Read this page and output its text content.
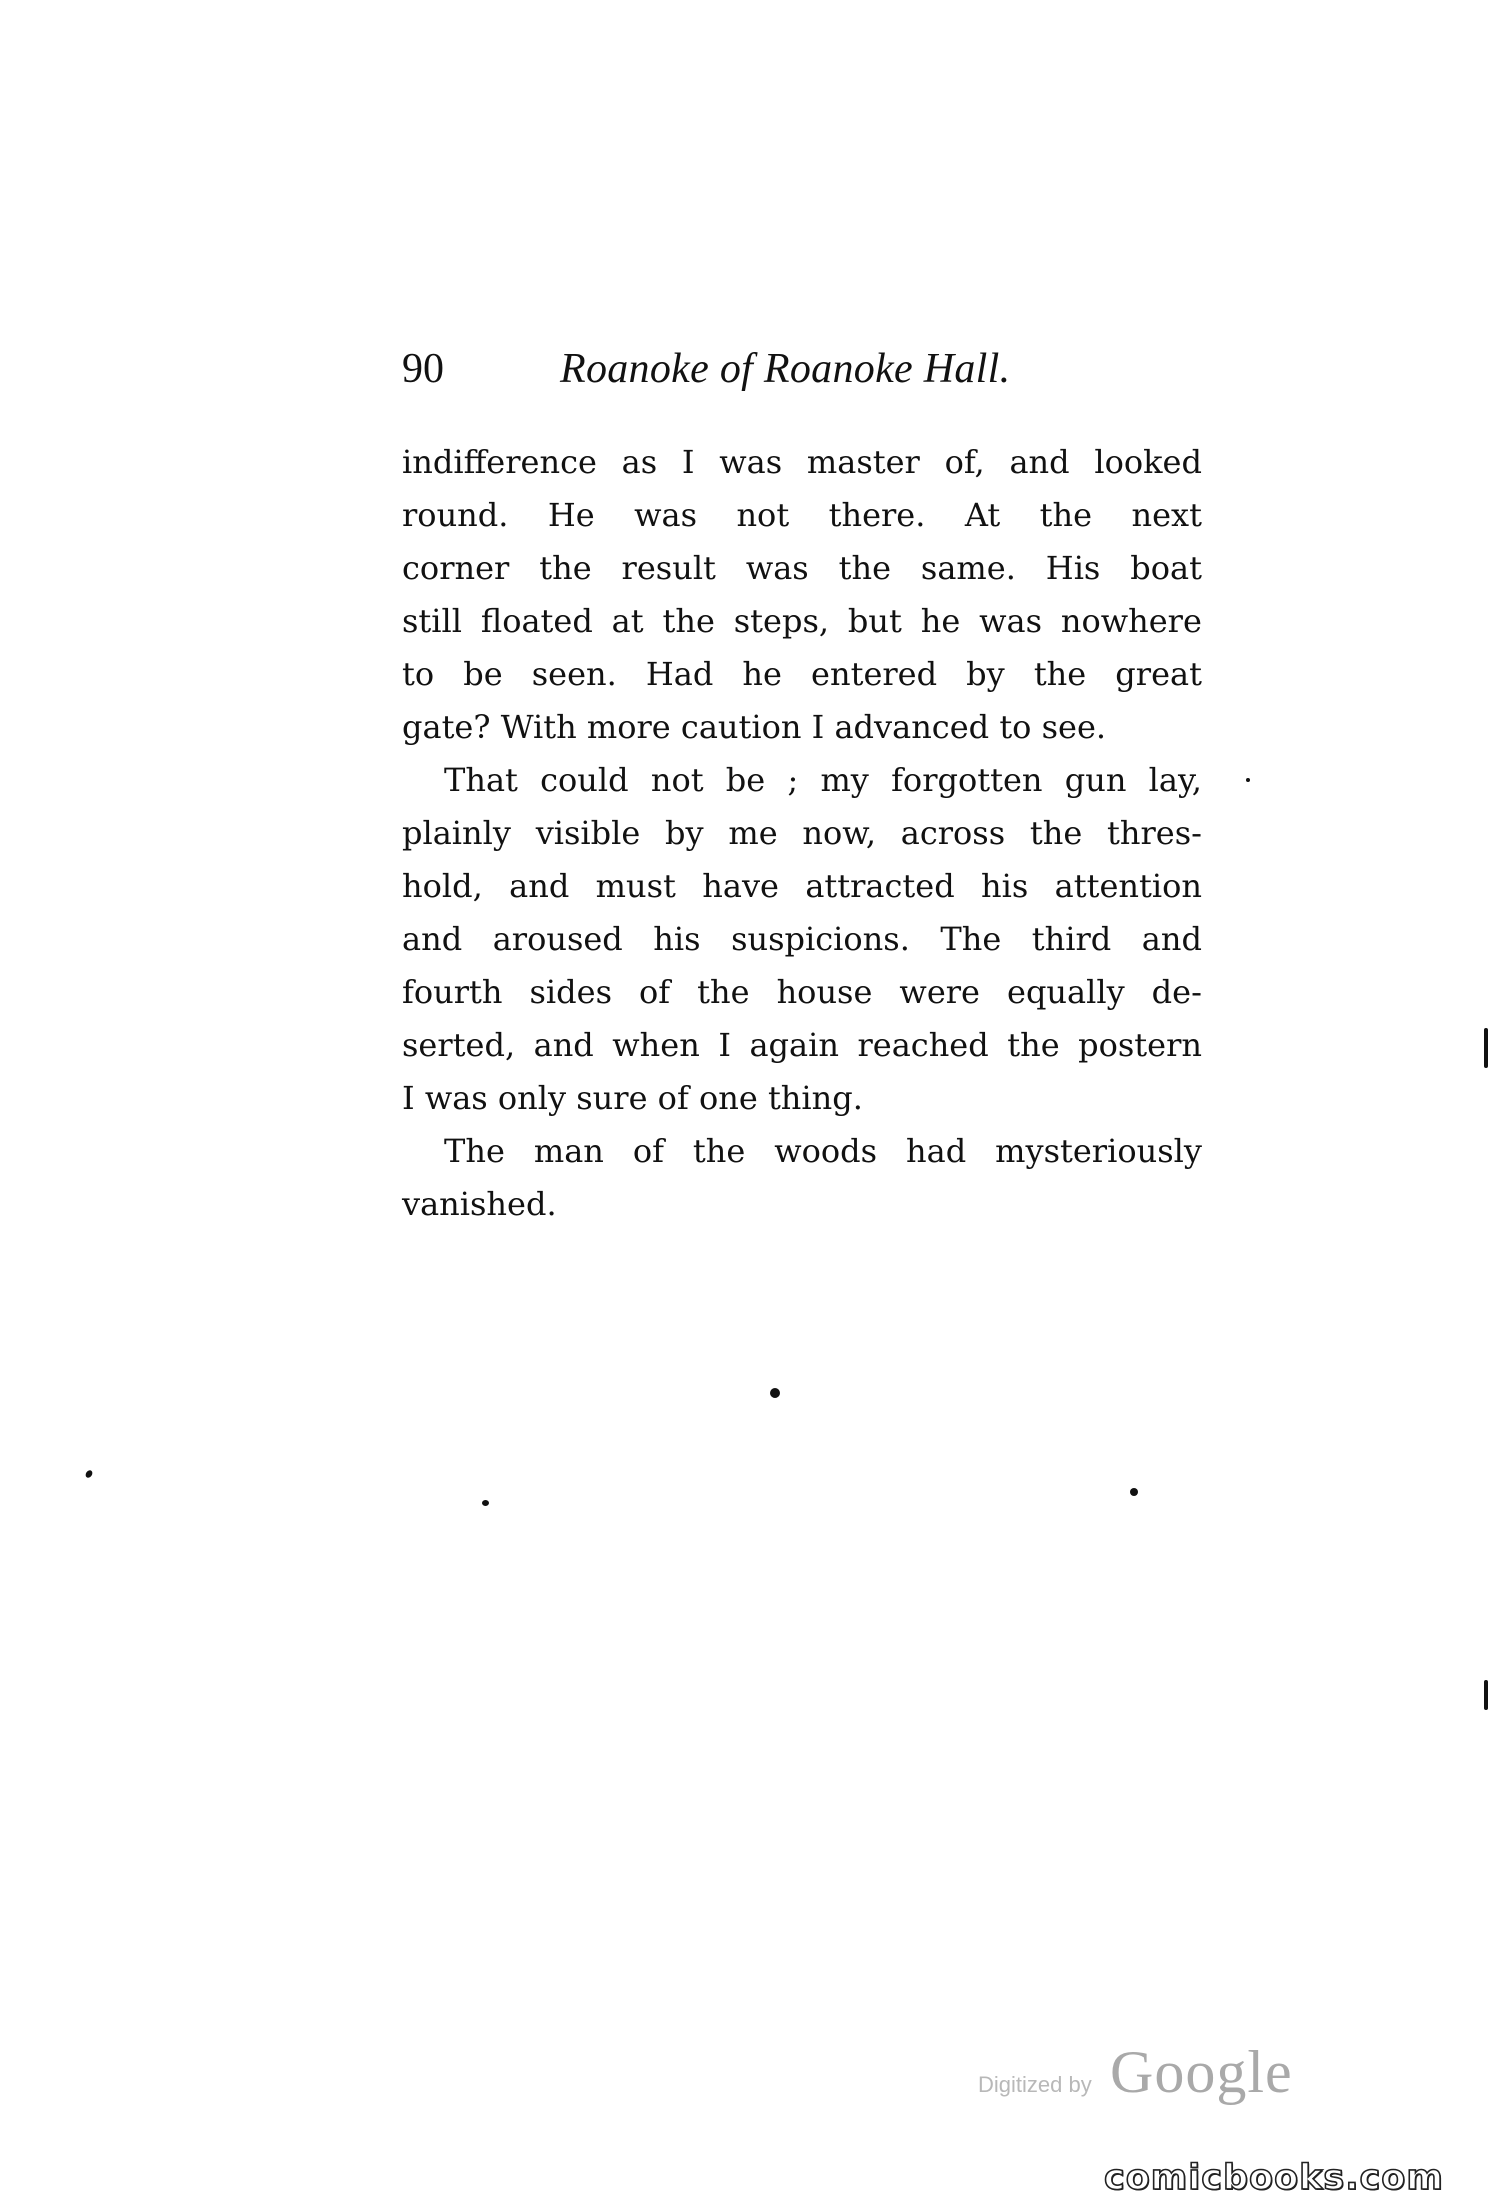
90	Roanoke of Roanoke Hall.
indifference as I was master of, and looked
round. He was not there. At the next
corner the result was the same. His boat
still floated at the steps, but he was nowhere
to be seen. Had he entered by the great
gate? With more caution I advanced to see.
That could not be ; my forgotten gun lay,
plainly visible by me now, across the thres-
hold, and must have attracted his attention
and aroused his suspicions. The third and
fourth sides of the house were equally de-
serted, and when I again reached the postern
I was only sure of one thing.
The man of the woods had mysteriously
vanished.
Digitized by Google
comicbooks.com
